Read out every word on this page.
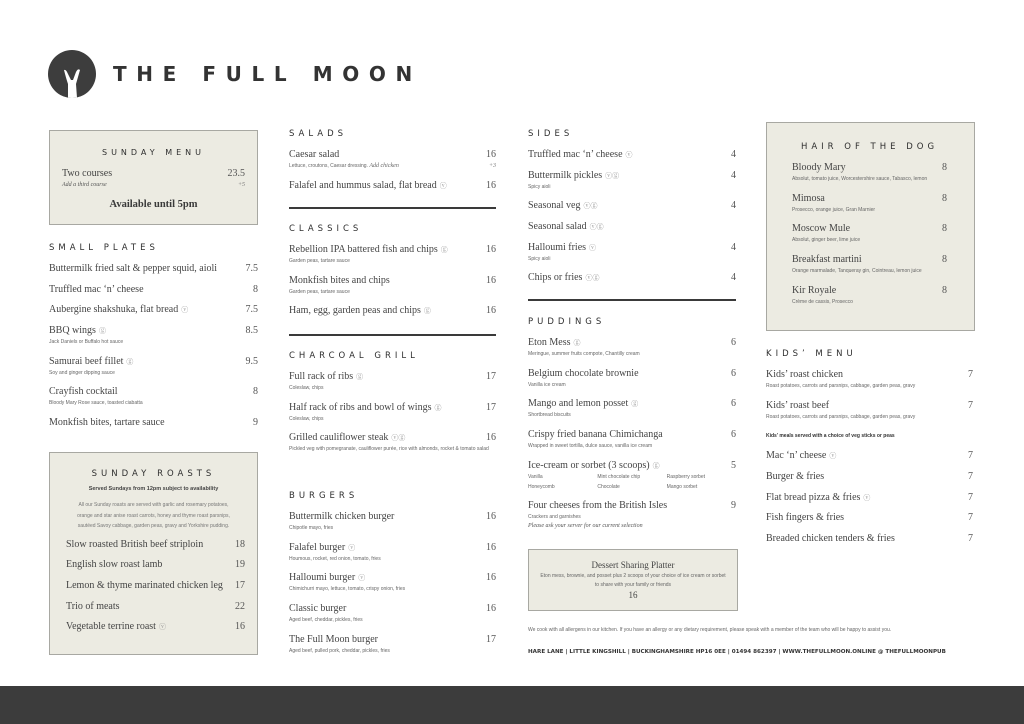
THE FULL MOON
SUNDAY MENU
Two courses	23.5
Add a third course	+5
Available until 5pm
SMALL PLATES
Buttermilk fried salt & pepper squid, aioli	7.5
Truffled mac ‘n’ cheese	8
Aubergine shakshuka, flat bread ⓥ	7.5
BBQ wings ⓖ	8.5
Jack Daniels or Buffalo hot sauce
Samurai beef fillet ⓖ	9.5
Soy and ginger dipping sauce
Crayfish cocktail	8
Bloody Mary Rose sauce, toasted ciabatta
Monkfish bites, tartare sauce	9
SUNDAY ROASTS
Served Sundays from 12pm subject to availability
All our Sunday roasts are served with garlic and rosemary potatoes, orange and star anise roast carrots, honey and thyme roast parsnips, sautéed Savoy cabbage, garden peas, gravy and Yorkshire pudding.
Slow roasted British beef striploin	18
English slow roast lamb	19
Lemon & thyme marinated chicken leg	17
Trio of meats	22
Vegetable terrine roast ⓥ	16
SALADS
Caesar salad	16
Lettuce, croutons, Caesar dressing. Add chicken	+3
Falafel and hummus salad, flat bread ⓥ	16
CLASSICS
Rebellion IPA battered fish and chips ⓖ	16
Garden peas, tartare sauce
Monkfish bites and chips	16
Garden peas, tartare sauce
Ham, egg, garden peas and chips ⓖ	16
CHARCOAL GRILL
Full rack of ribs ⓖ	17
Coleslaw, chips
Half rack of ribs and bowl of wings ⓖ	17
Coleslaw, chips
Grilled cauliflower steak ⓥⓖ	16
Pickled veg with pomegranate, cauliflower purée, rice with almonds, rocket & tomato salad
BURGERS
Buttermilk chicken burger	16
Chipotle mayo, fries
Falafel burger ⓥ	16
Houmous, rocket, red onion, tomato, fries
Halloumi burger ⓥ	16
Chimichurri mayo, lettuce, tomato, crispy onion, fries
Classic burger	16
Aged beef, cheddar, pickles, fries
The Full Moon burger	17
Aged beef, pulled pork, cheddar, pickles, fries
SIDES
Truffled mac ‘n’ cheese ⓥ	4
Buttermilk pickles ⓥⓖ	4
Spicy aioli
Seasonal veg ⓥⓖ	4
Seasonal salad ⓥⓖ
Halloumi fries ⓥ	4
Spicy aioli
Chips or fries ⓥⓖ	4
PUDDINGS
Eton Mess ⓖ	6
Meringue, summer fruits compote, Chantilly cream
Belgium chocolate brownie	6
Vanilla ice cream
Mango and lemon posset ⓖ	6
Shortbread biscuits
Crispy fried banana Chimichanga	6
Wrapped in sweet tortilla, dulce sauce, vanilla ice cream
Ice-cream or sorbet (3 scoops) ⓖ	5
Vanilla	Mint chocolate chip	Raspberry sorbet
Honeycomb	Chocolate	Mango sorbet
Four cheeses from the British Isles	9
Crackers and garnishes
Please ask your server for our current selection
Dessert Sharing Platter
Eton mess, brownie, and posset plus 2 scoops of your choice of ice cream or sorbet
to share with your family or friends
16
HAIR OF THE DOG
Bloody Mary	8
Absolut, tomato juice, Worcestershire sauce, Tabasco, lemon
Mimosa	8
Prosecco, orange juice, Gran Marnier
Moscow Mule	8
Absolut, ginger beer, lime juice
Breakfast martini	8
Orange marmalade, Tanqueray gin, Cointreau, lemon juice
Kir Royale	8
Crème de cassis, Prosecco
KIDS’ MENU
Kids’ roast chicken	7
Roast potatoes, carrots and parsnips, cabbage, garden peas, gravy
Kids’ roast beef	7
Roast potatoes, carrots and parsnips, cabbage, garden peas, gravy
Kids’ meals served with a choice of veg sticks or peas
Mac ‘n’ cheese ⓥ	7
Burger & fries	7
Flat bread pizza & fries ⓥ	7
Fish fingers & fries	7
Breaded chicken tenders & fries	7
We cook with all allergens in our kitchen. If you have an allergy or any dietary requirement, please speak with a member of the team who will be happy to assist you.
HARE LANE | LITTLE KINGSHILL | BUCKINGHAMSHIRE HP16 0EE | 01494 862397 | WWW.THEFULLMOON.ONLINE @ THEFULLMOONPUB
